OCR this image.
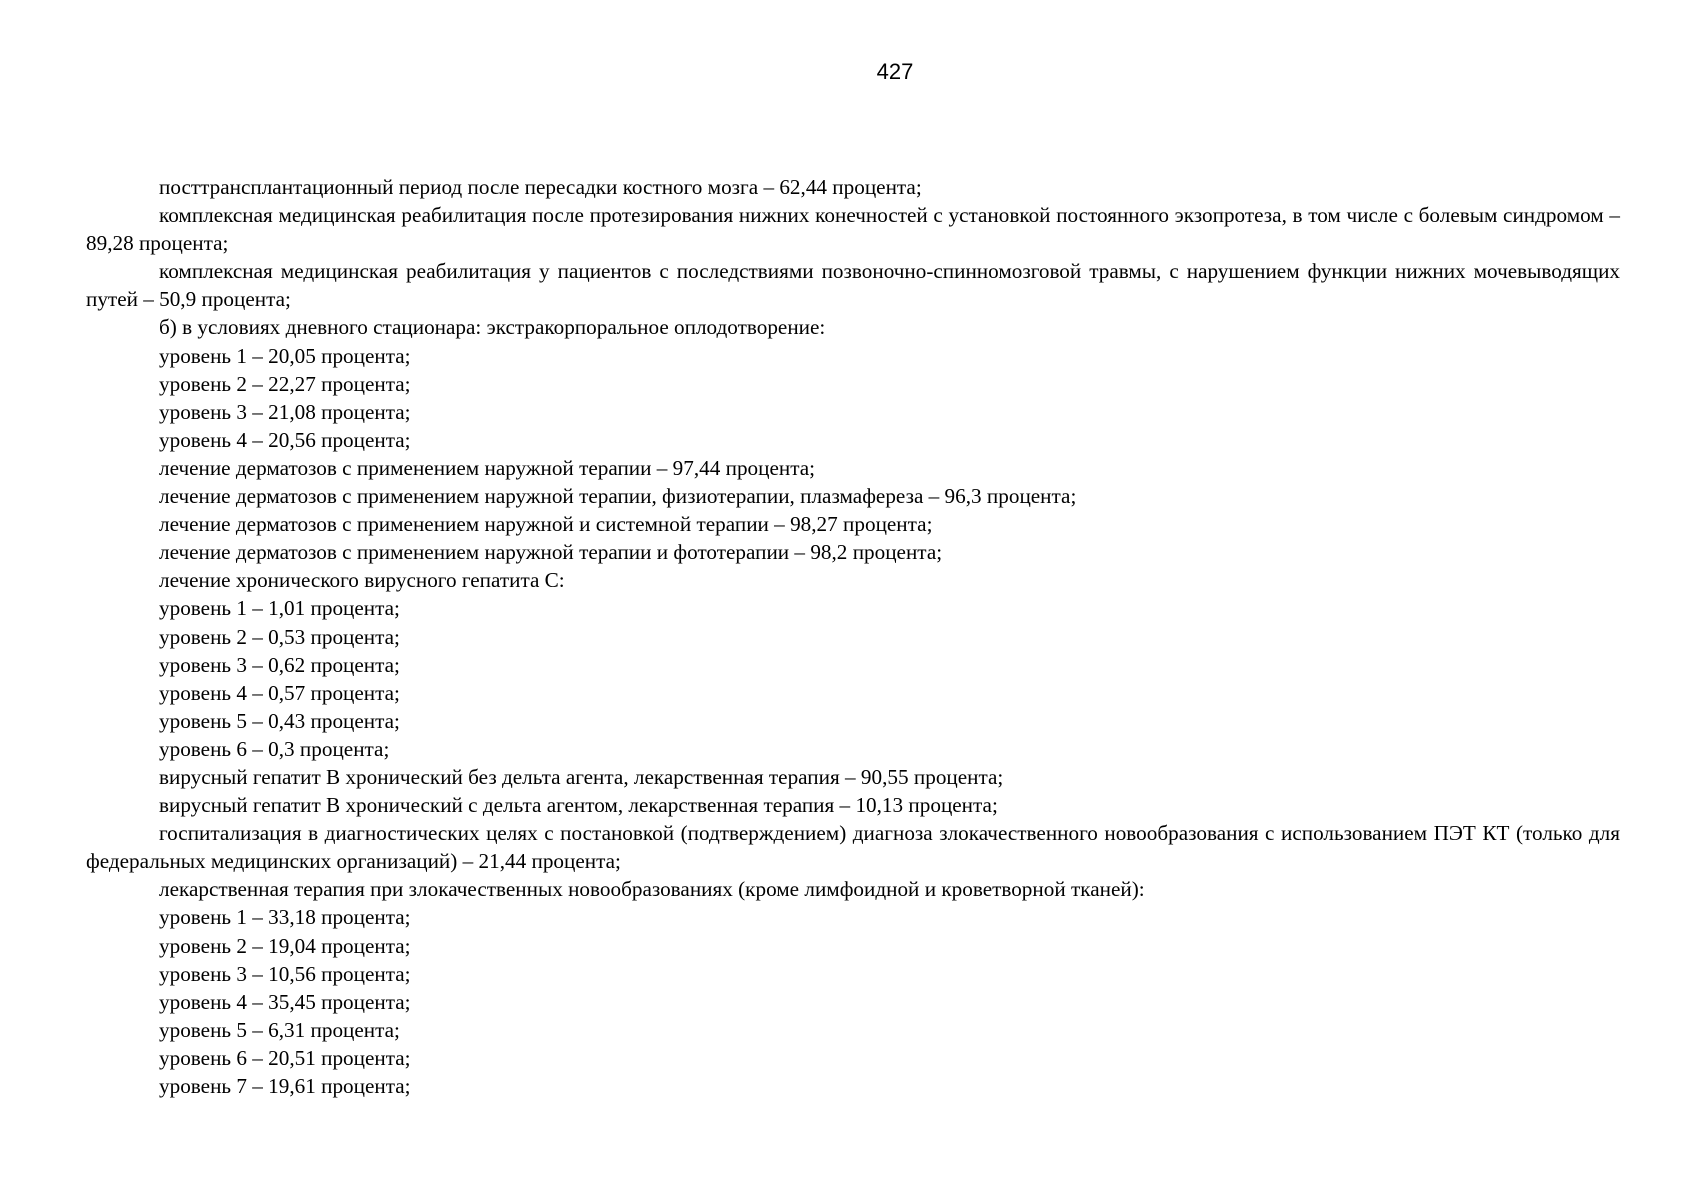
427

посттрансплантационный период после пересадки костного мозга – 62,44 процента;

комплексная медицинская реабилитация после протезирования нижних конечностей с установкой постоянного экзопротеза, в том числе с болевым синдромом – 89,28 процента;

комплексная медицинская реабилитация у пациентов с последствиями позвоночно-спинномозговой травмы, с нарушением функции нижних мочевыводящих путей – 50,9 процента;

б) в условиях дневного стационара: экстракорпоральное оплодотворение:

уровень 1 – 20,05 процента;

уровень 2 – 22,27 процента;

уровень 3 – 21,08 процента;

уровень 4 – 20,56 процента;

лечение дерматозов с применением наружной терапии – 97,44 процента;

лечение дерматозов с применением наружной терапии, физиотерапии, плазмафереза – 96,3 процента;

лечение дерматозов с применением наружной и системной терапии – 98,27 процента;

лечение дерматозов с применением наружной терапии и фототерапии – 98,2 процента;

лечение хронического вирусного гепатита C:

уровень 1 – 1,01 процента;

уровень 2 – 0,53 процента;

уровень 3 – 0,62 процента;

уровень 4 – 0,57 процента;

уровень 5 – 0,43 процента;

уровень 6 – 0,3 процента;

вирусный гепатит B хронический без дельта агента, лекарственная терапия – 90,55 процента;

вирусный гепатит B хронический с дельта агентом, лекарственная терапия – 10,13 процента;

госпитализация в диагностических целях с постановкой (подтверждением) диагноза злокачественного новообразования с использованием ПЭТ КТ (только для федеральных медицинских организаций) – 21,44 процента;

лекарственная терапия при злокачественных новообразованиях (кроме лимфоидной и кроветворной тканей):

уровень 1 – 33,18 процента;

уровень 2 – 19,04 процента;

уровень 3 – 10,56 процента;

уровень 4 – 35,45 процента;

уровень 5 – 6,31 процента;

уровень 6 – 20,51 процента;

уровень 7 – 19,61 процента;
